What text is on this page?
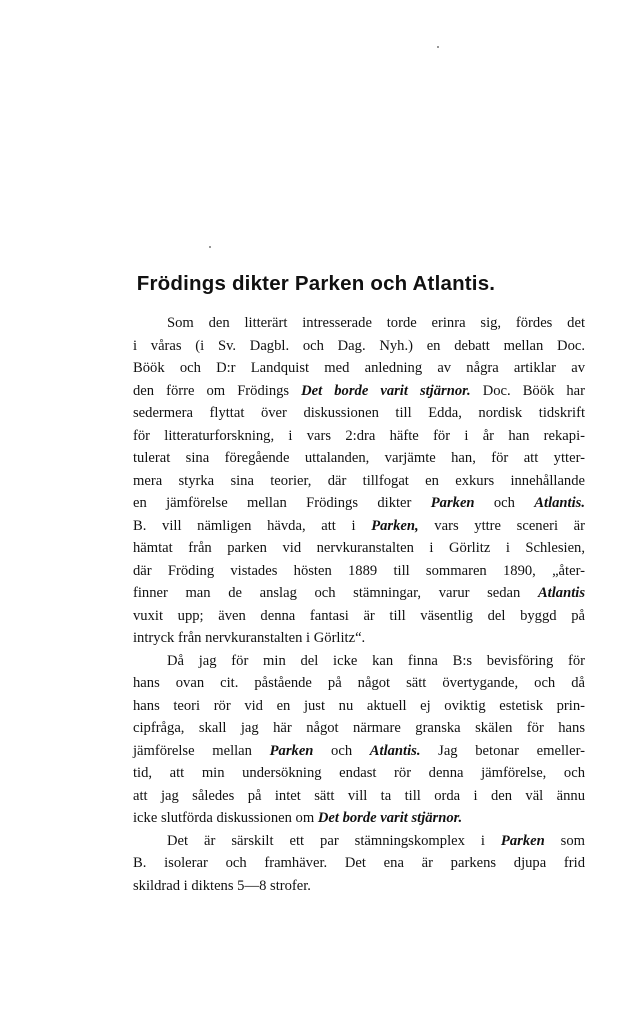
Frödings dikter Parken och Atlantis.
Som den litterärt intresserade torde erinra sig, fördes det
i våras (i Sv. Dagbl. och Dag. Nyh.) en debatt mellan Doc.
Böök och D:r Landquist med anledning av några artiklar av
den förre om Frödings Det borde varit stjärnor. Doc. Böök har
sedermera flyttat över diskussionen till Edda, nordisk tidskrift
för litteraturforskning, i vars 2:dra häfte för i år han rekapi-
tulerat sina föregående uttalanden, varjämte han, för att ytter-
mera styrka sina teorier, där tillfogat en exkurs innehållande
en jämförelse mellan Frödings dikter Parken och Atlantis.
B. vill nämligen hävda, att i Parken, vars yttre sceneri är
hämtat från parken vid nervkuranstalten i Görlitz i Schlesien,
där Fröding vistades hösten 1889 till sommaren 1890, „åter-
finner man de anslag och stämningar, varur sedan Atlantis
vuxit upp; även denna fantasi är till väsentlig del byggd på
intryck från nervkuranstalten i Görlitz“.
Då jag för min del icke kan finna B:s bevisföring för
hans ovan cit. påstående på något sätt övertygande, och då
hans teori rör vid en just nu aktuell ej oviktig estetisk prin-
cipfråga, skall jag här något närmare granska skälen för hans
jämförelse mellan Parken och Atlantis. Jag betonar emeller-
tid, att min undersökning endast rör denna jämförelse, och
att jag således på intet sätt vill ta till orda i den väl ännu
icke slutförda diskussionen om Det borde varit stjärnor.
Det är särskilt ett par stämningskomplex i Parken som
B. isolerar och framhäver. Det ena är parkens djupa frid
skildrad i diktens 5—8 strofer.
